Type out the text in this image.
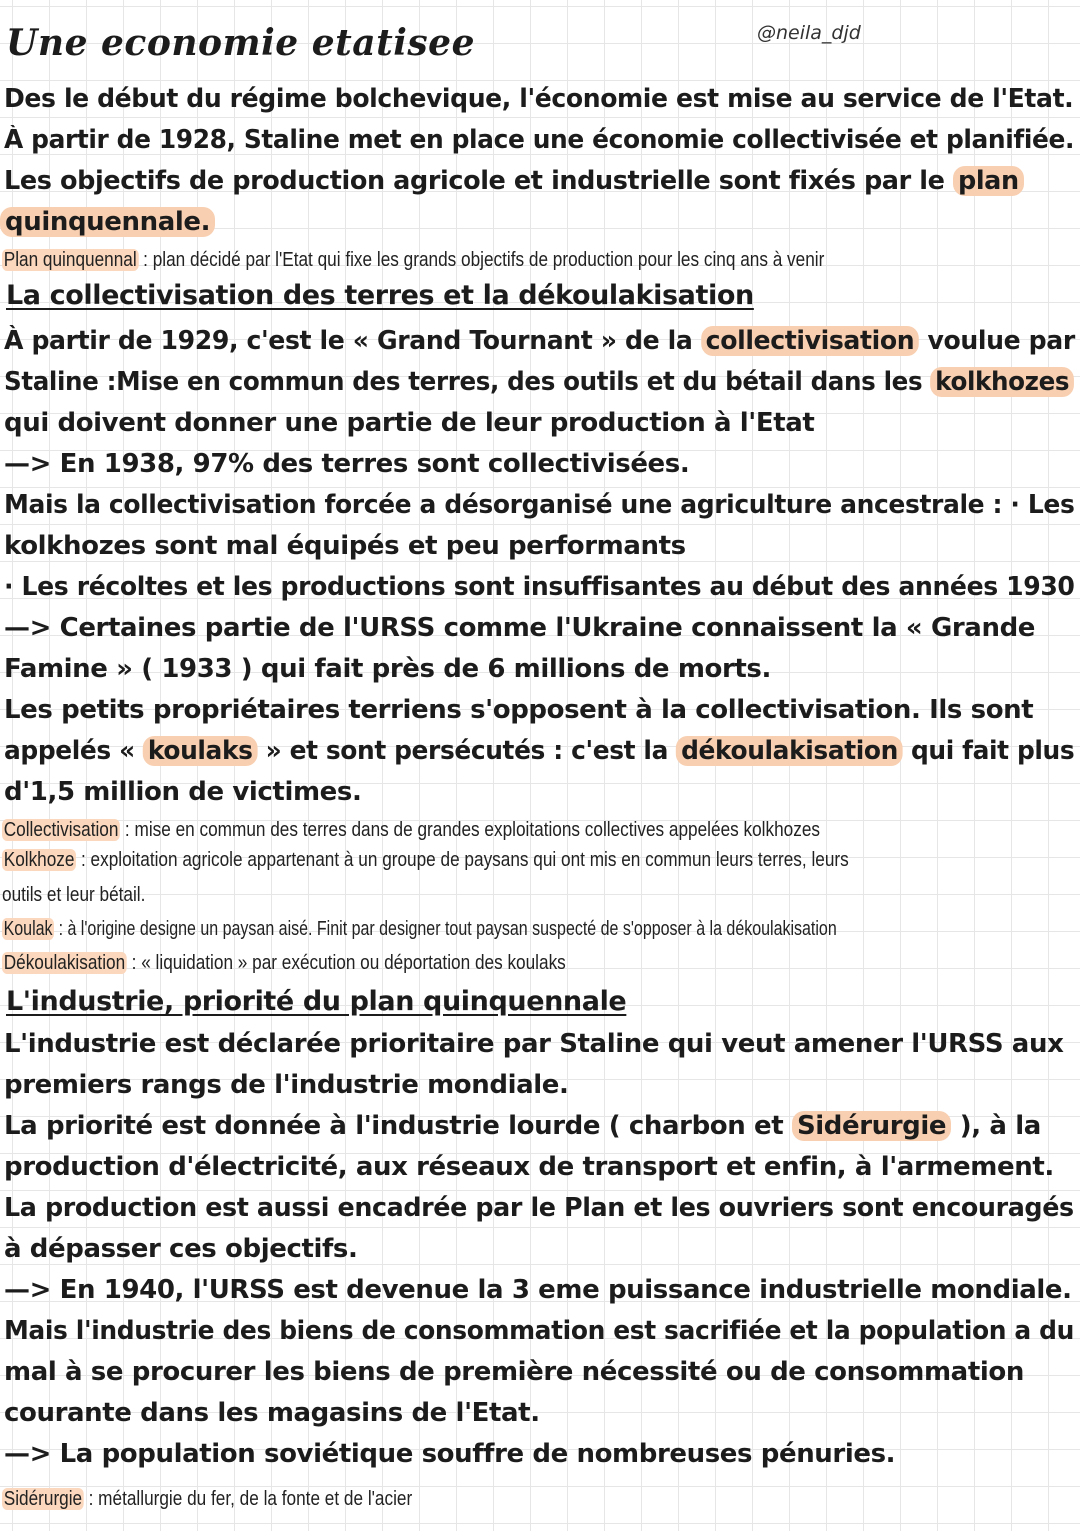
Une economie etatisee	@neila_djd
Des le début du régime bolchevique, l'économie est mise au service de l'Etat.
À partir de 1928, Staline met en place une économie collectivisée et planifiée.
Les objectifs de production agricole et industrielle sont fixés par le plan
quinquennale.
Plan quinquennal : plan décidé par l'Etat qui fixe les grands objectifs de production pour les cinq ans à venir
La collectivisation des terres et la dékoulakisation
À partir de 1929, c'est le « Grand Tournant » de la collectivisation voulue par
Staline :Mise en commun des terres, des outils et du bétail dans les kolkhozes
qui doivent donner une partie de leur production à l'Etat
—> En 1938, 97% des terres sont collectivisées.
Mais la collectivisation forcée a désorganisé une agriculture ancestrale : · Les
kolkhozes sont mal équipés et peu performants
· Les récoltes et les productions sont insuffisantes au début des années 1930
—> Certaines partie de l'URSS comme l'Ukraine connaissent la « Grande
Famine » ( 1933 ) qui fait près de 6 millions de morts.
Les petits propriétaires terriens s'opposent à la collectivisation. Ils sont
appelés « koulaks » et sont persécutés : c'est la dékoulakisation qui fait plus
d'1,5 million de victimes.
Collectivisation : mise en commun des terres dans de grandes exploitations collectives appelées kolkhozes
Kolkhoze : exploitation agricole appartenant à un groupe de paysans qui ont mis en commun leurs terres, leurs
outils et leur bétail.
Koulak : à l'origine designe un paysan aisé. Finit par designer tout paysan suspecté de s'opposer à la dékoulakisation
Dékoulakisation : « liquidation » par exécution ou déportation des koulaks
L'industrie, priorité du plan quinquennale
L'industrie est déclarée prioritaire par Staline qui veut amener l'URSS aux
premiers rangs de l'industrie mondiale.
La priorité est donnée à l'industrie lourde ( charbon et Sidérurgie ), à la
production d'électricité, aux réseaux de transport et enfin, à l'armement.
La production est aussi encadrée par le Plan et les ouvriers sont encouragés
à dépasser ces objectifs.
—> En 1940, l'URSS est devenue la 3 eme puissance industrielle mondiale.
Mais l'industrie des biens de consommation est sacrifiée et la population a du
mal à se procurer les biens de première nécessité ou de consommation
courante dans les magasins de l'Etat.
—> La population soviétique souffre de nombreuses pénuries.
Sidérurgie : métallurgie du fer, de la fonte et de l'acier
